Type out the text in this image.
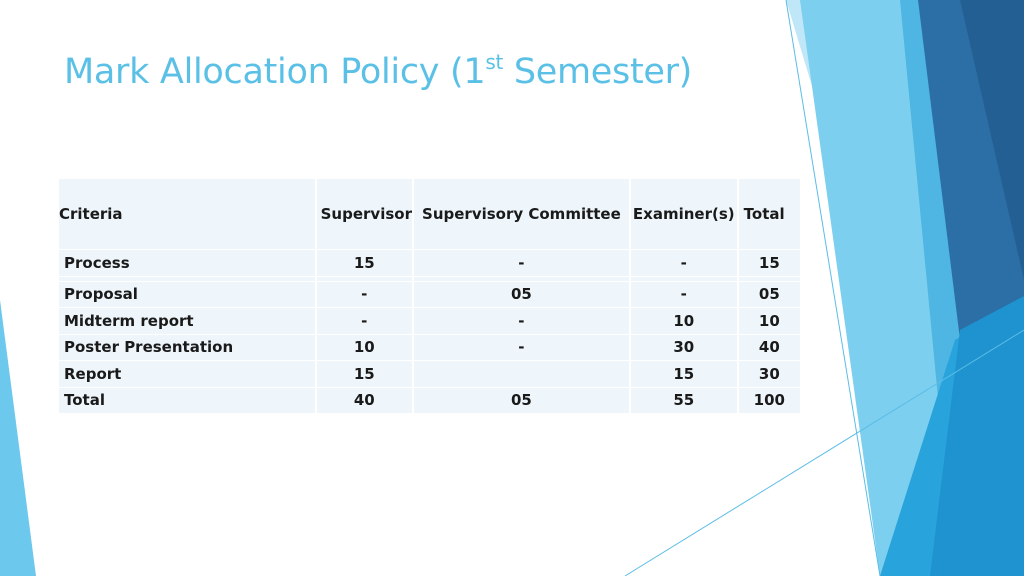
Mark Allocation Policy (1st Semester)
Criteria	Supervisor	Supervisory Committee	Examiner(s)	Total
Process	15	-	-	15

Proposal	-	05	-	05
Midterm report	-	-	10	10
Poster Presentation	10	-	30	40
Report	15		15	30
Total	40	05	55	100
